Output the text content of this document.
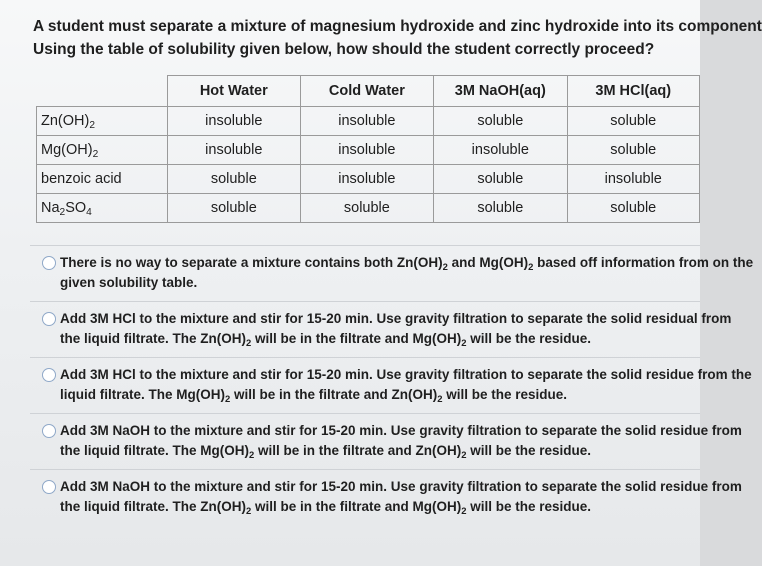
A student must separate a mixture of magnesium hydroxide and zinc hydroxide into its component
Using the table of solubility given below, how should the student correctly proceed?
	Hot Water	Cold Water	3M NaOH(aq)	3M HCl(aq)
$Zn(OH)_2$	insoluble	insoluble	soluble	soluble
$Mg(OH)_2$	insoluble	insoluble	insoluble	soluble
benzoic acid	soluble	insoluble	soluble	insoluble
$Na_2SO_4$	soluble	soluble	soluble	soluble
There is no way to separate a mixture contains both $Zn(OH)_2$ and $Mg(OH)_2$ based off information from on the
given solubility table.
Add 3M HCl to the mixture and stir for 15-20 min. Use gravity filtration to separate the solid residual from
the liquid filtrate. The $Zn(OH)_2$ will be in the filtrate and $Mg(OH)_2$ will be the residue.
Add 3M HCl to the mixture and stir for 15-20 min. Use gravity filtration to separate the solid residue from the
liquid filtrate. The $Mg(OH)_2$ will be in the filtrate and $Zn(OH)_2$ will be the residue.
Add 3M NaOH to the mixture and stir for 15-20 min. Use gravity filtration to separate the solid residue from
the liquid filtrate. The $Mg(OH)_2$ will be in the filtrate and $Zn(OH)_2$ will be the residue.
Add 3M NaOH to the mixture and stir for 15-20 min. Use gravity filtration to separate the solid residue from
the liquid filtrate. The $Zn(OH)_2$ will be in the filtrate and $Mg(OH)_2$ will be the residue.
